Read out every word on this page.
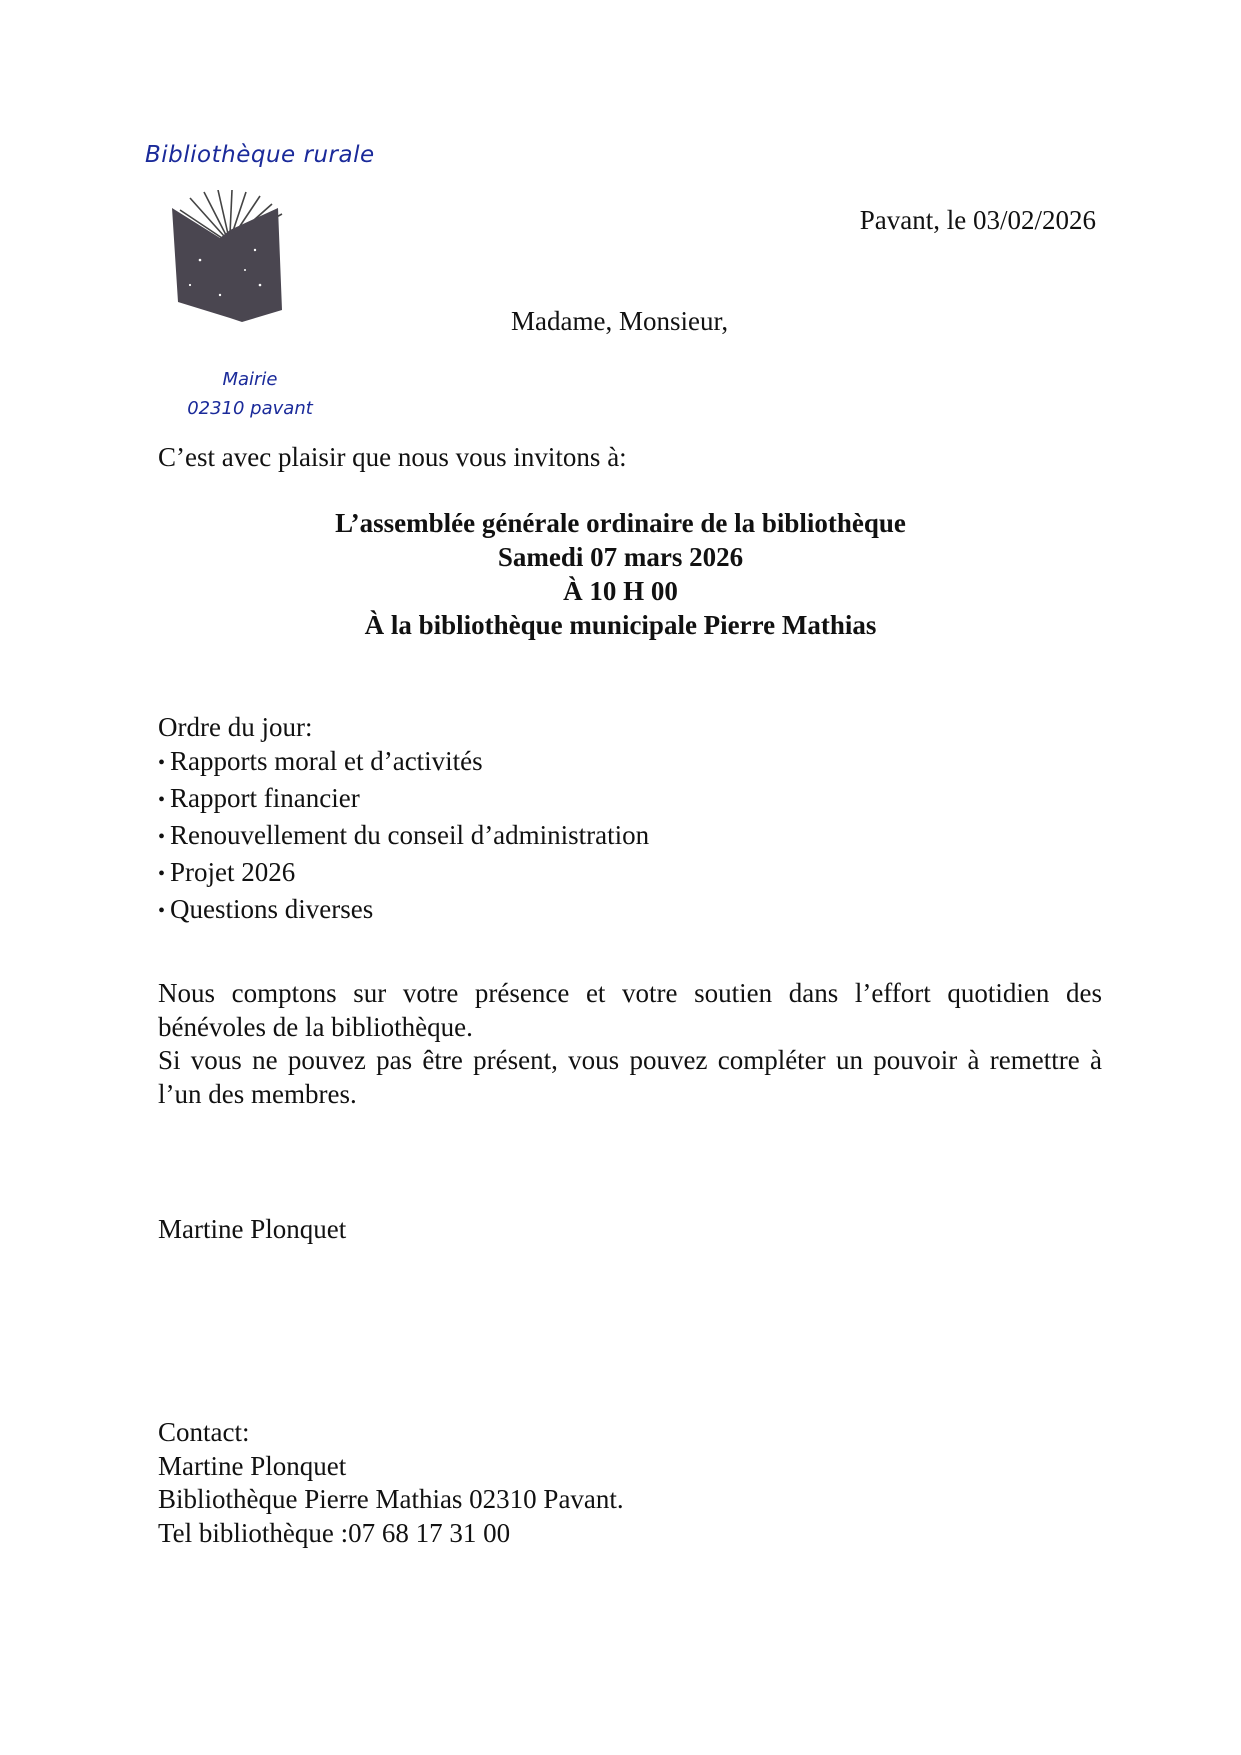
Bibliothèque rurale
Mairie
02310 pavant
Pavant, le 03/02/2026
Madame, Monsieur,
C’est avec plaisir que nous vous invitons à:
L’assemblée générale ordinaire de la bibliothèque
Samedi 07 mars 2026
À 10 H 00
À la bibliothèque municipale Pierre Mathias
Ordre du jour:
• Rapports moral et d’activités
• Rapport financier
• Renouvellement du conseil d’administration
• Projet 2026
• Questions diverses

Nous comptons sur votre présence et votre soutien dans l’effort quotidien des bénévoles de la bibliothèque.

Si vous ne pouvez pas être présent, vous pouvez compléter un pouvoir à remettre à l’un des membres.

Martine Plonquet
Contact:
Martine Plonquet
Bibliothèque Pierre Mathias 02310 Pavant.
Tel bibliothèque :07 68 17 31 00
